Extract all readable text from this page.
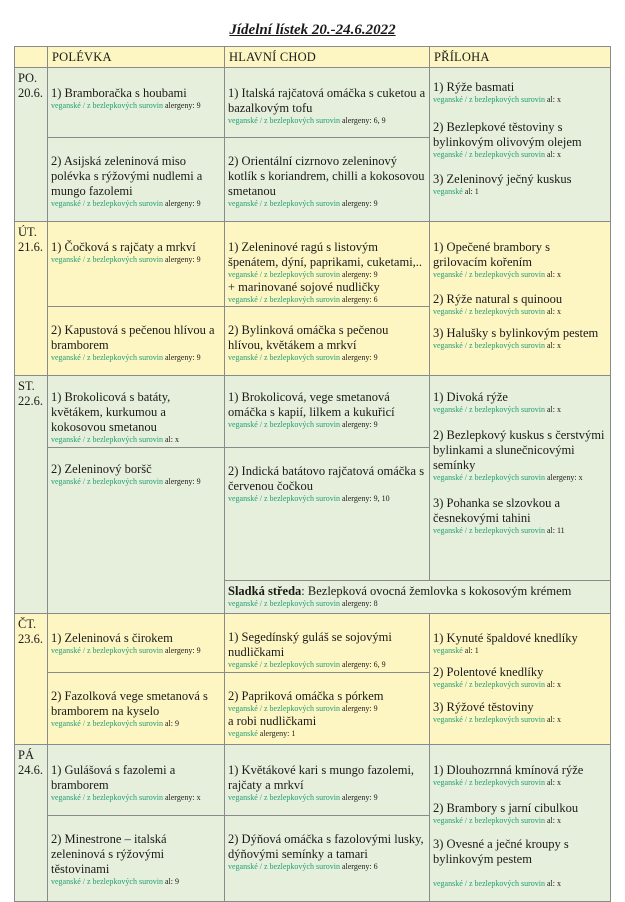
Jídelní lístek 20.-24.6.2022
POLÉVKA	HLAVNÍ CHOD	PŘÍLOHA
PO.
20.6. 1) Bramboračka s houbami
veganské / z bezlepkových surovin alergeny: 9
2) Asijská zeleninová miso polévka s rýžovými nudlemi a mungo fazolemi
veganské / z bezlepkových surovin alergeny: 9
1) Italská rajčatová omáčka s cuketou a bazalkovým tofu
veganské / z bezlepkových surovin alergeny: 6, 9
2) Orientální cizrnovo zeleninový kotlík s koriandrem, chilli a kokosovou smetanou
veganské / z bezlepkových surovin alergeny: 9
1) Rýže basmati
veganské / z bezlepkových surovin al: x
2) Bezlepkové těstoviny s bylinkovým olivovým olejem
veganské / z bezlepkových surovin al: x
3) Zeleninový ječný kuskus
veganské al: 1
ÚT.
21.6. 1) Čočková s rajčaty a mrkví
veganské / z bezlepkových surovin alergeny: 9
2) Kapustová s pečenou hlívou a bramborem
veganské / z bezlepkových surovin alergeny: 9
1) Zeleninové ragú s listovým špenátem, dýní, paprikami, cuketami,..
veganské / z bezlepkových surovin alergeny: 9
+ marinované sojové nudličky
veganské / z bezlepkových surovin alergeny: 6
2) Bylinková omáčka s pečenou hlívou, květákem a mrkví
veganské / z bezlepkových surovin alergeny: 9
1) Opečené brambory s grilovacím kořením
veganské / z bezlepkových surovin al: x
2) Rýže natural s quinoou
veganské / z bezlepkových surovin al: x
3) Halušky s bylinkovým pestem
veganské / z bezlepkových surovin al: x
ST.
22.6. 1) Brokolicová s batáty, květákem, kurkumou a kokosovou smetanou
veganské / z bezlepkových surovin al: x
2) Zeleninový boršč
veganské / z bezlepkových surovin alergeny: 9
1) Brokolicová, vege smetanová omáčka s kapií, lilkem a kukuřicí
veganské / z bezlepkových surovin alergeny: 9
2) Indická batátovo rajčatová omáčka s červenou čočkou
veganské / z bezlepkových surovin alergeny: 9, 10
1) Divoká rýže
veganské / z bezlepkových surovin al: x
2) Bezlepkový kuskus s čerstvými bylinkami a slunečnicovými semínky
veganské / z bezlepkových surovin alergeny: x
3) Pohanka se slzovkou a česnekovými tahini
veganské / z bezlepkových surovin al: 11
Sladká středa: Bezlepková ovocná žemlovka s kokosovým krémem
veganské / z bezlepkových surovin alergeny: 8
ČT.
23.6. 1) Zeleninová s čirokem
veganské / z bezlepkových surovin alergeny: 9
2) Fazolková vege smetanová s bramborem na kyselo
veganské / z bezlepkových surovin al: 9
1) Segedínský guláš se sojovými nudličkami
veganské / z bezlepkových surovin alergeny: 6, 9
2) Papriková omáčka s pórkem
veganské / z bezlepkových surovin alergeny: 9
a robi nudličkami
veganské alergeny: 1
1) Kynuté špaldové knedlíky
veganské al: 1
2) Polentové knedlíky
veganské / z bezlepkových surovin al: x
3) Rýžové těstoviny
veganské / z bezlepkových surovin al: x
PÁ
24.6. 1) Gulášová s fazolemi a bramborem
veganské / z bezlepkových surovin alergeny: x
2) Minestrone – italská zeleninová s rýžovými těstovinami
veganské / z bezlepkových surovin al: 9
1) Květákové kari s mungo fazolemi, rajčaty a mrkví
veganské / z bezlepkových surovin alergeny: 9
2) Dýňová omáčka s fazolovými lusky, dýňovými semínky a tamari
veganské / z bezlepkových surovin alergeny: 6
1) Dlouhozrnná kmínová rýže
veganské / z bezlepkových surovin al: x
2) Brambory s jarní cibulkou
veganské / z bezlepkových surovin al: x
3) Ovesné a ječné kroupy s bylinkovým pestem
veganské / z bezlepkových surovin al: x
